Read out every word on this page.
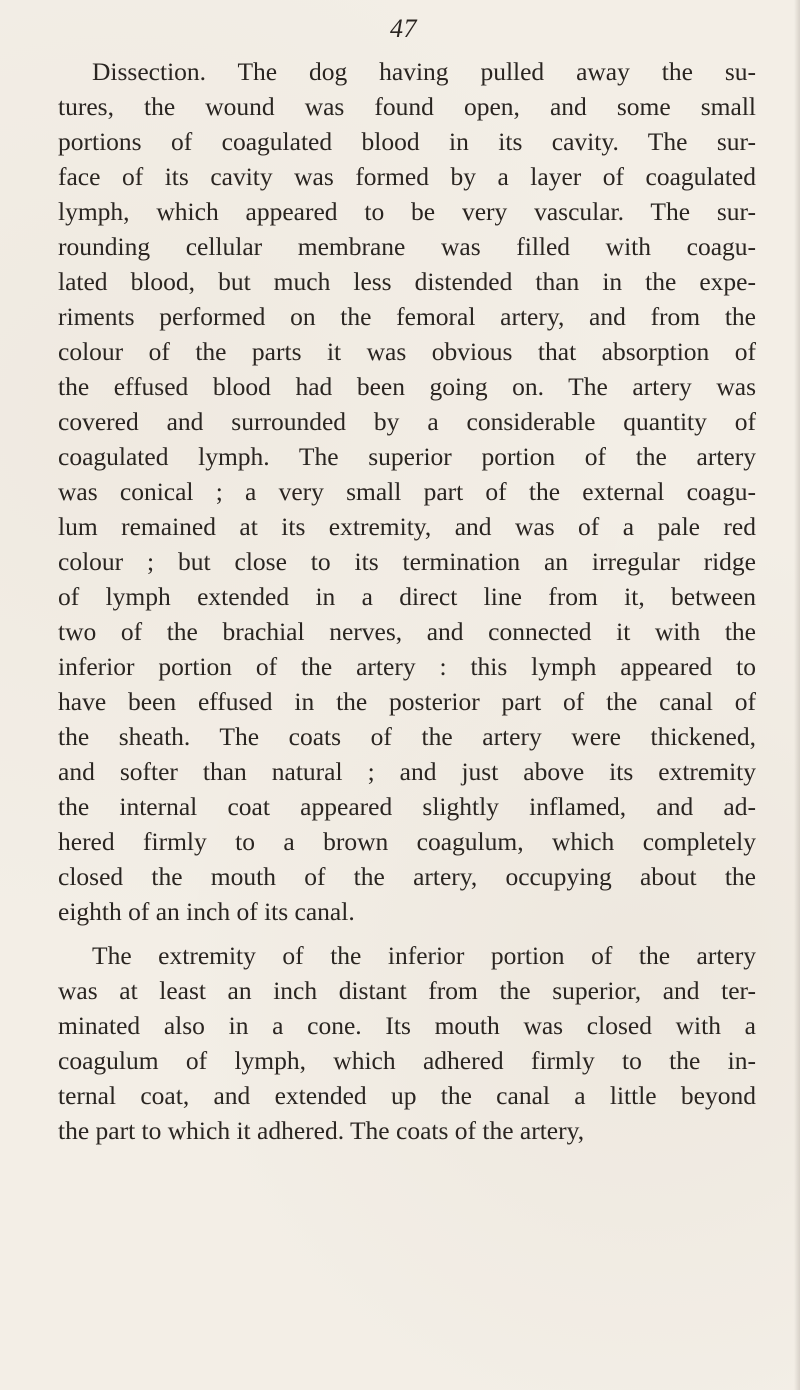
47
Dissection. The dog having pulled away the su-
tures, the wound was found open, and some small
portions of coagulated blood in its cavity. The sur-
face of its cavity was formed by a layer of coagulated
lymph, which appeared to be very vascular. The sur-
rounding cellular membrane was filled with coagu-
lated blood, but much less distended than in the expe-
riments performed on the femoral artery, and from the
colour of the parts it was obvious that absorption of
the effused blood had been going on. The artery was
covered and surrounded by a considerable quantity of
coagulated lymph. The superior portion of the artery
was conical ; a very small part of the external coagu-
lum remained at its extremity, and was of a pale red
colour ; but close to its termination an irregular ridge
of lymph extended in a direct line from it, between
two of the brachial nerves, and connected it with the
inferior portion of the artery : this lymph appeared to
have been effused in the posterior part of the canal of
the sheath. The coats of the artery were thickened,
and softer than natural ; and just above its extremity
the internal coat appeared slightly inflamed, and ad-
hered firmly to a brown coagulum, which completely
closed the mouth of the artery, occupying about the
eighth of an inch of its canal.
The extremity of the inferior portion of the artery
was at least an inch distant from the superior, and ter-
minated also in a cone. Its mouth was closed with a
coagulum of lymph, which adhered firmly to the in-
ternal coat, and extended up the canal a little beyond
the part to which it adhered. The coats of the artery,
